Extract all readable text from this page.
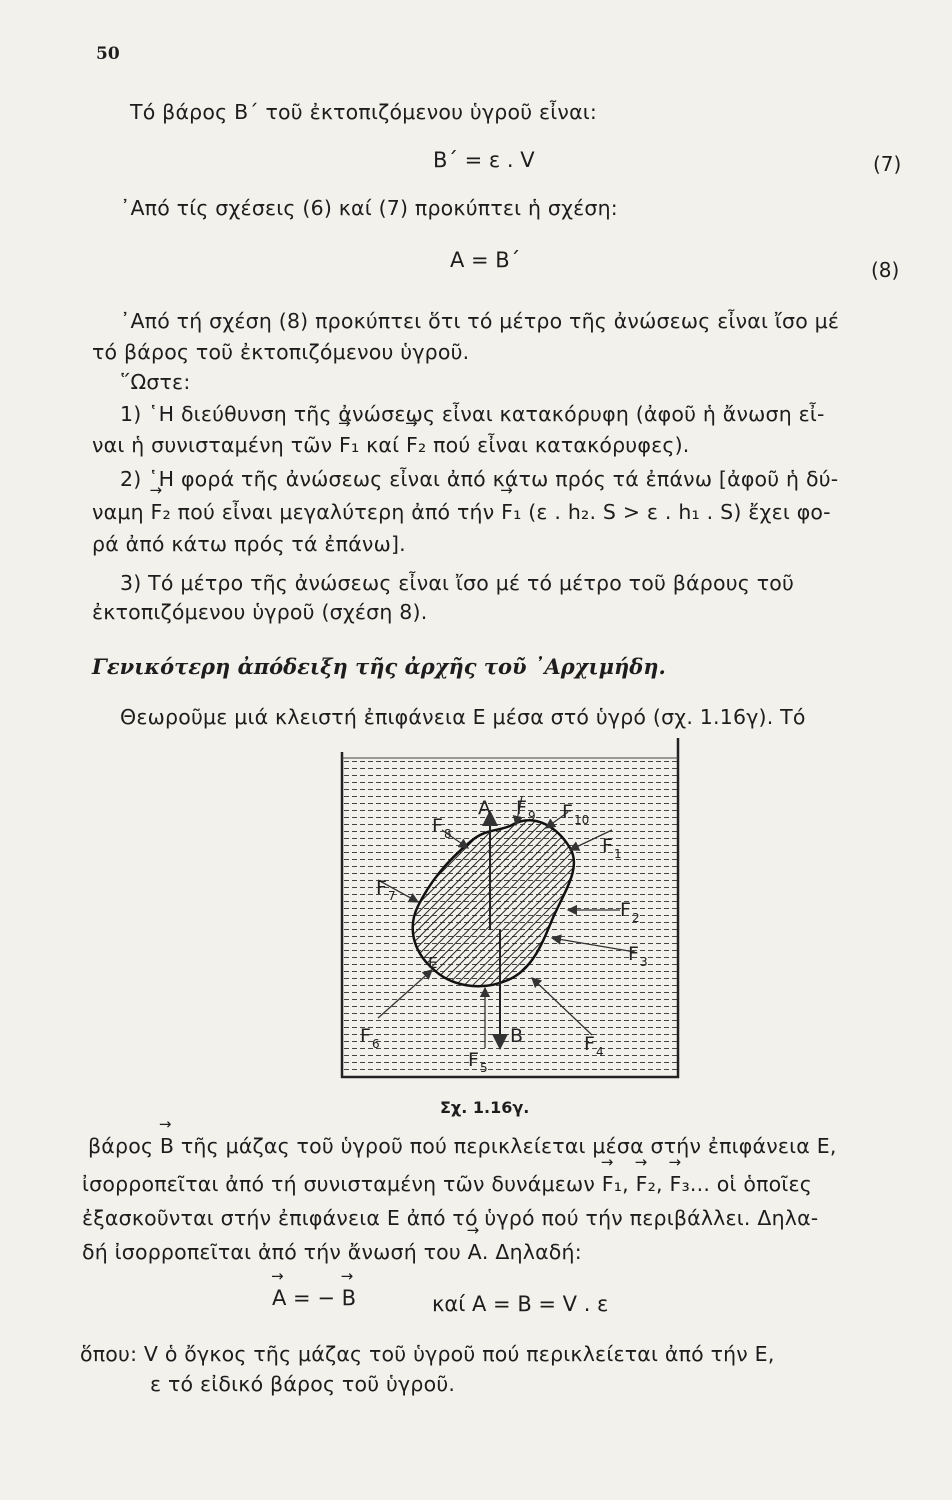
50
Τό βάρος Β΄ τοῦ ἐκτοπιζόμενου ὑγροῦ εἶναι:
Β΄ = ε . V	(7)
᾿Από τίς σχέσεις (6) καί (7) προκύπτει ἡ σχέση:
Α = Β΄	(8)
᾿Από τή σχέση (8) προκύπτει ὅτι τό μέτρο τῆς ἀνώσεως εἶναι ἴσο μέ
τό βάρος τοῦ ἐκτοπιζόμενου ὑγροῦ.
῞Ωστε:
1) ῾Η διεύθυνση τῆς ἀνώσεως εἶναι κατακόρυφη (ἀφοῦ ἡ ἄνωση εἶ-
ναι ἡ συνισταμένη τῶν → F₁ καί → F₂ πού εἶναι κατακόρυφες).
2) ῾Η φορά τῆς ἀνώσεως εἶναι ἀπό κάτω πρός τά ἐπάνω [ἀφοῦ ἡ δύ-
ναμη → F₂ πού εἶναι μεγαλύτερη ἀπό τήν → F₁ (ε . h₂. S > ε . h₁ . S) ἔχει φο-
ρά ἀπό κάτω πρός τά ἐπάνω].
3) Τό μέτρο τῆς ἀνώσεως εἶναι ἴσο μέ τό μέτρο τοῦ βάρους τοῦ
ἐκτοπιζόμενου ὑγροῦ (σχέση 8).
Γενικότερη ἀπόδειξη τῆς ἀρχῆς τοῦ ᾿Αρχιμήδη.
Θεωροῦμε μιά κλειστή ἐπιφάνεια Ε μέσα στό ὑγρό (σχ. 1.16γ). Τό
Α
Β
Ε
F 1
F 2
F 3
F 4
F 5
F 6
F 7
F 8
F 9 F 10
Σχ. 1.16γ.
βάρος → Β τῆς μάζας τοῦ ὑγροῦ πού περικλείεται μέσα στήν ἐπιφάνεια Ε,
ἰσορροπεῖται ἀπό τή συνισταμένη τῶν δυνάμεων → F₁, → F₂, → F₃... οἱ ὁποῖες
ἐξασκοῦνται στήν ἐπιφάνεια Ε ἀπό τό ὑγρό πού τήν περιβάλλει. Δηλα-
δή ἰσορροπεῖται ἀπό τήν ἄνωσή του → Α. Δηλαδή:
→ Α = − → Β	καί Α = Β = V . ε
ὅπου: V ὁ ὄγκος τῆς μάζας τοῦ ὑγροῦ πού περικλείεται ἀπό τήν Ε,
ε τό εἰδικό βάρος τοῦ ὑγροῦ.
